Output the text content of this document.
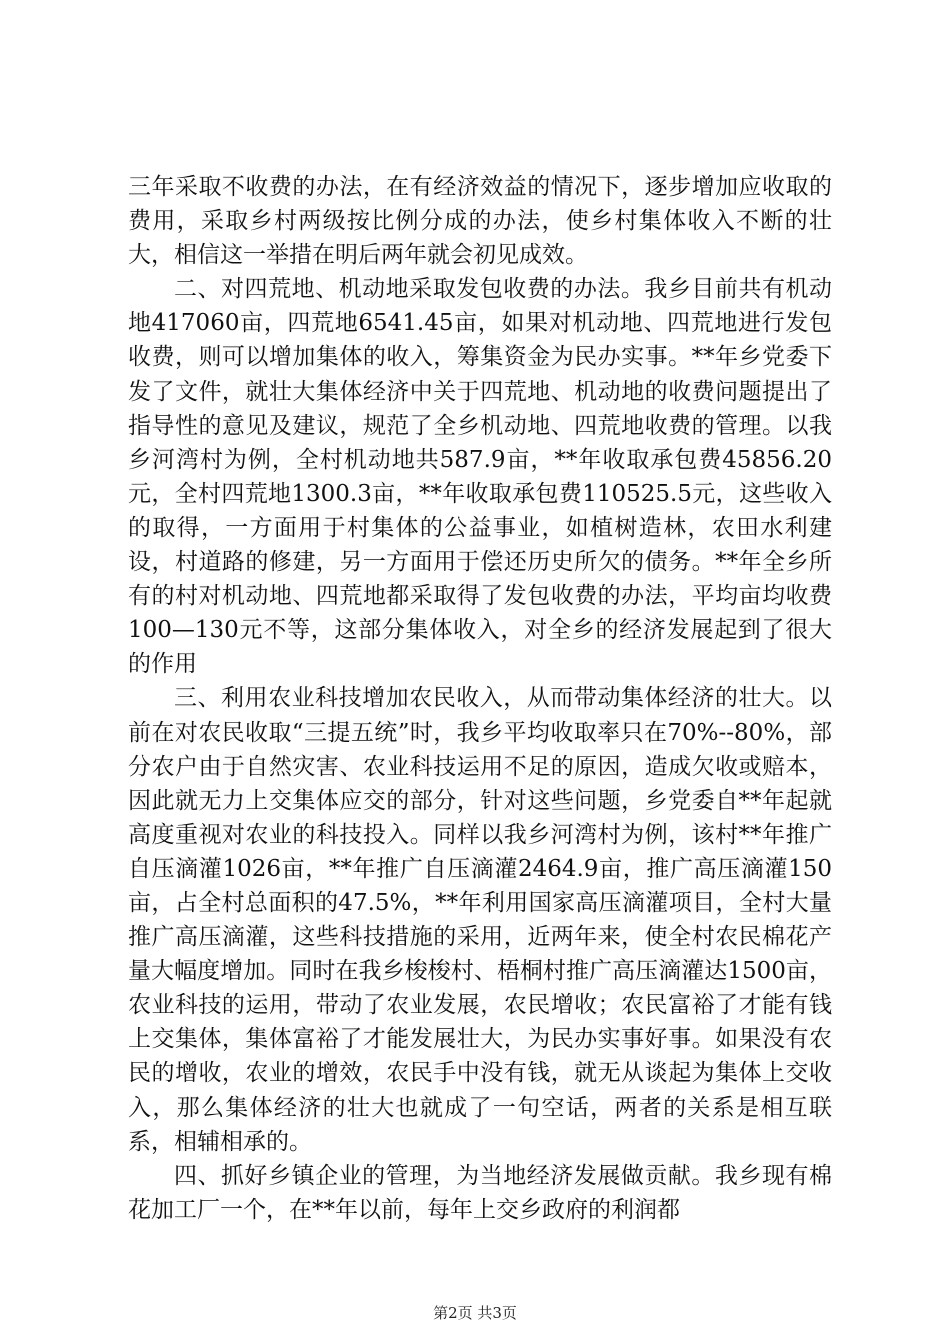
三年采取不收费的办法，在有经济效益的情况下，逐步增加应收取的费用，采取乡村两级按比例分成的办法，使乡村集体收入不断的壮大，相信这一举措在明后两年就会初见成效。

二、对四荒地、机动地采取发包收费的办法。我乡目前共有机动地417060亩，四荒地6541.45亩，如果对机动地、四荒地进行发包收费，则可以增加集体的收入，筹集资金为民办实事。**年乡党委下发了文件，就壮大集体经济中关于四荒地、机动地的收费问题提出了指导性的意见及建议，规范了全乡机动地、四荒地收费的管理。以我乡河湾村为例，全村机动地共587.9亩，**年收取承包费45856.20元，全村四荒地1300.3亩，**年收取承包费110525.5元，这些收入的取得，一方面用于村集体的公益事业，如植树造林，农田水利建设，村道路的修建，另一方面用于偿还历史所欠的债务。**年全乡所有的村对机动地、四荒地都采取得了发包收费的办法，平均亩均收费100—130元不等，这部分集体收入，对全乡的经济发展起到了很大的作用

三、利用农业科技增加农民收入，从而带动集体经济的壮大。以前在对农民收取“三提五统”时，我乡平均收取率只在70%--80%，部分农户由于自然灾害、农业科技运用不足的原因，造成欠收或赔本，因此就无力上交集体应交的部分，针对这些问题，乡党委自**年起就高度重视对农业的科技投入。同样以我乡河湾村为例，该村**年推广自压滴灌1026亩，**年推广自压滴灌2464.9亩，推广高压滴灌150亩，占全村总面积的47.5%，**年利用国家高压滴灌项目，全村大量推广高压滴灌，这些科技措施的采用，近两年来，使全村农民棉花产量大幅度增加。同时在我乡梭梭村、梧桐村推广高压滴灌达1500亩，农业科技的运用，带动了农业发展，农民增收；农民富裕了才能有钱上交集体，集体富裕了才能发展壮大，为民办实事好事。如果没有农民的增收，农业的增效，农民手中没有钱，就无从谈起为集体上交收入，那么集体经济的壮大也就成了一句空话，两者的关系是相互联系，相辅相承的。

四、抓好乡镇企业的管理，为当地经济发展做贡献。我乡现有棉花加工厂一个，在**年以前，每年上交乡政府的利润都

第2页 共3页
